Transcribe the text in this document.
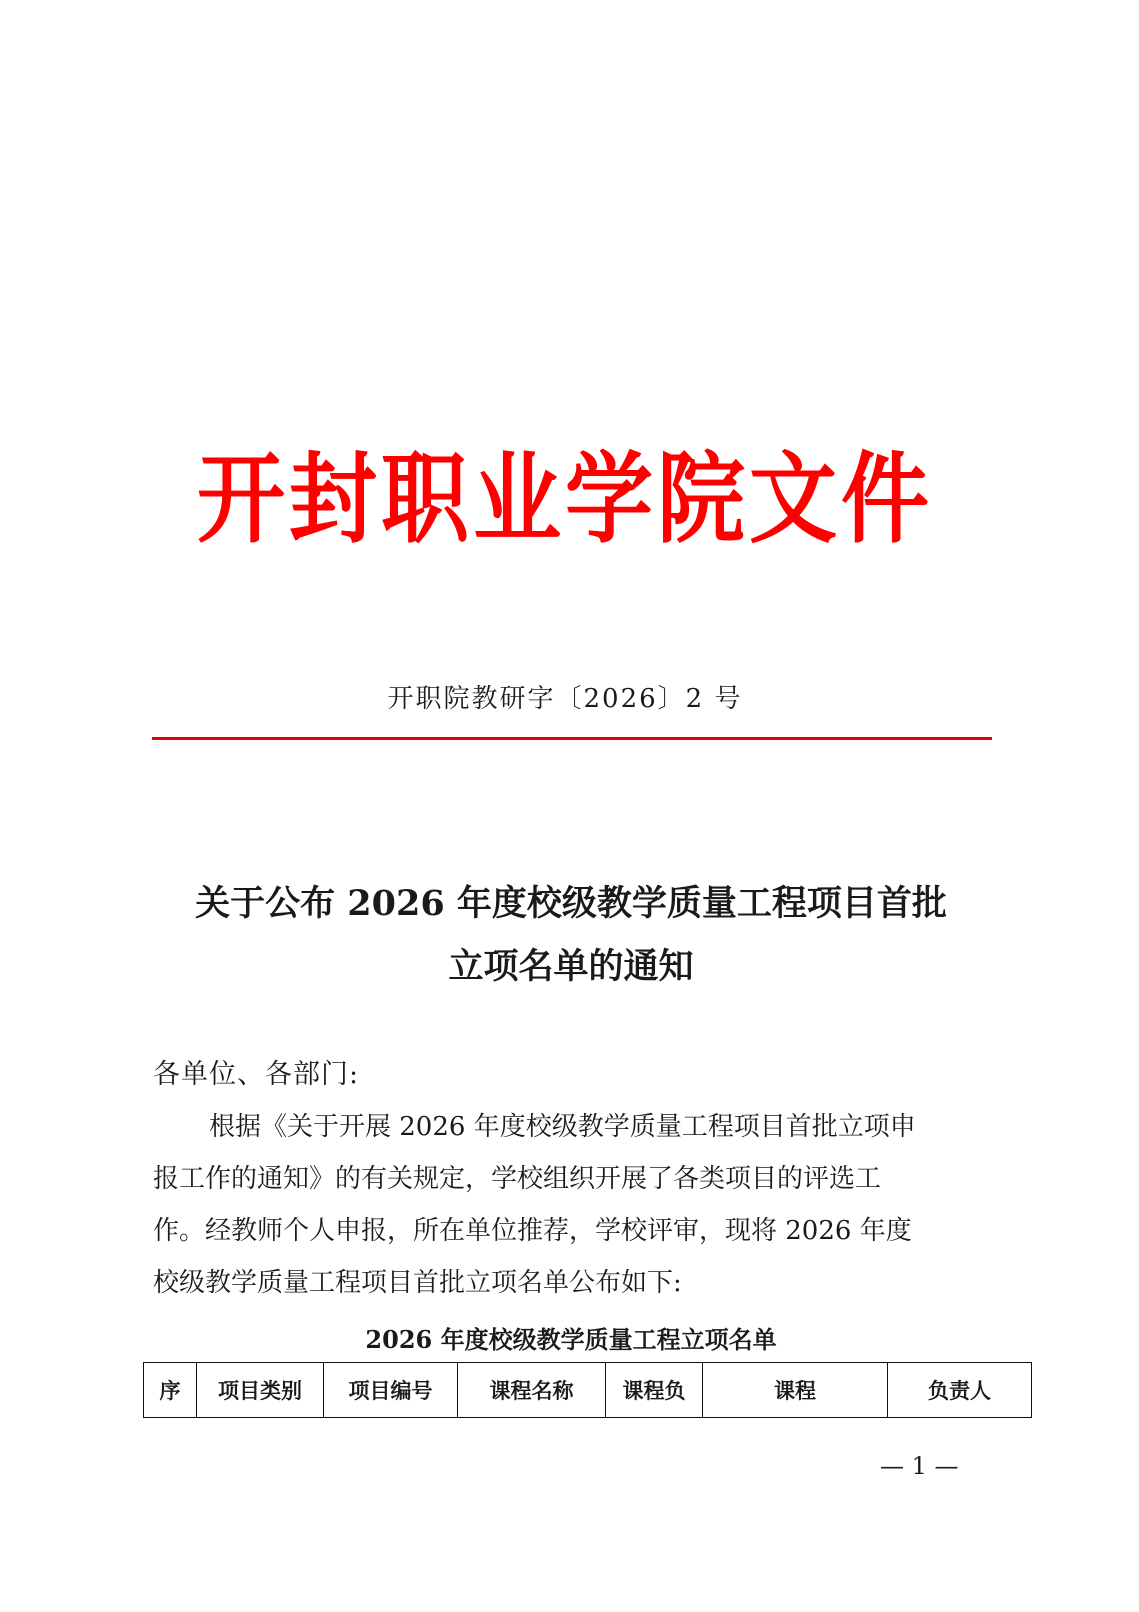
开封职业学院文件
开职院教研字〔2026〕2 号
关于公布 2026 年度校级教学质量工程项目首批
立项名单的通知
各单位、各部门:
根据《关于开展 2026 年度校级教学质量工程项目首批立项申
报工作的通知》的有关规定，学校组织开展了各类项目的评选工
作。经教师个人申报，所在单位推荐，学校评审，现将 2026 年度
校级教学质量工程项目首批立项名单公布如下:
2026 年度校级教学质量工程立项名单
序	项目类别	项目编号	课程名称	课程负	课程	负责人
— 1 —
